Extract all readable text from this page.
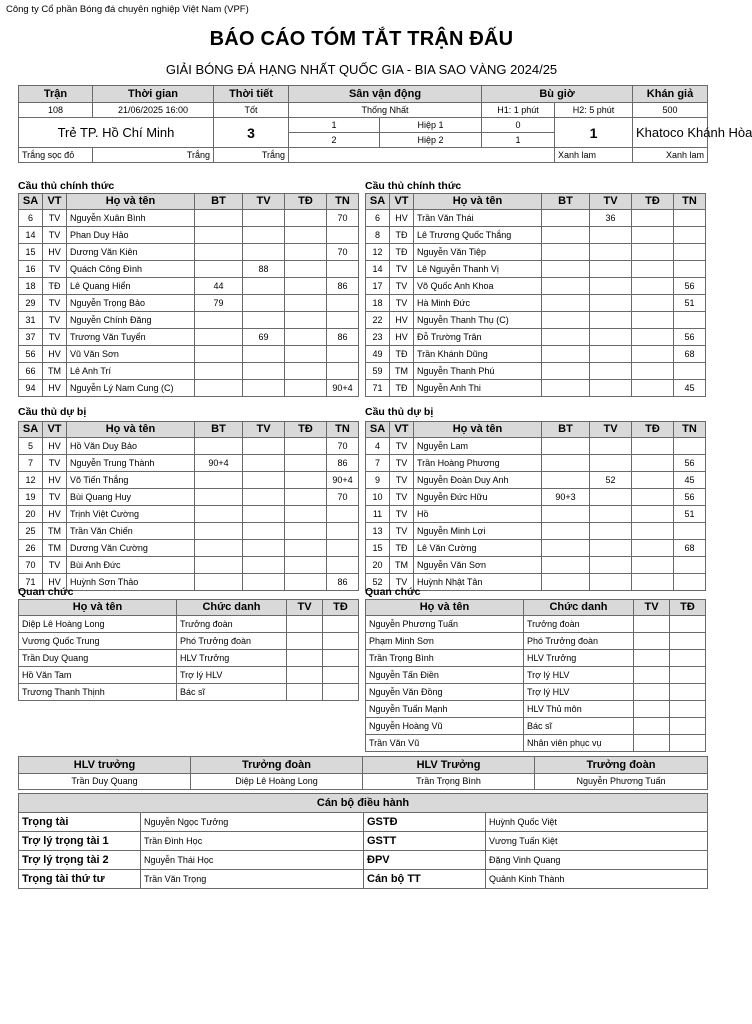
Công ty Cổ phần Bóng đá chuyên nghiệp Việt Nam (VPF)
BÁO CÁO TÓM TẮT TRẬN ĐẤU
GIẢI BÓNG ĐÁ HẠNG NHẤT QUỐC GIA - BIA SAO VÀNG 2024/25
Trận	Thời gian	Thời tiết	Sân vận động		Bù giờ		Khán giả	
108	21/06/2025 16:00	Tốt	Thống Nhất		H1: 1 phút	H2: 5 phút	500	
Trẻ TP. Hồ Chí Minh		3	1	Hiệp 1	0	1	Khatoco Khánh Hòa	
			2	Hiệp 2	1			
Trắng sọc đỏ	Trắng	Trắng				Xanh lam	Xanh lam	
Cầu thủ chính thức	Cầu thủ chính thức
SA	VT	Họ và tên	BT	TV	TĐ	TN
6	TV	Nguyễn Xuân Bình				70
14	TV	Phan Duy Hảo				
15	HV	Dương Văn Kiên				70
16	TV	Quách Công Đình		88		
18	TĐ	Lê Quang Hiển	44			86
29	TV	Nguyễn Trọng Bảo	79			
31	TV	Nguyễn Chính Đăng				
37	TV	Trương Văn Tuyển		69		86
56	HV	Vũ Văn Sơn				
66	TM	Lê Anh Trí				
94	HV	Nguyễn Lý Nam Cung (C)				90+4
SA	VT	Họ và tên	BT	TV	TĐ	TN
6	HV	Trần Văn Thái		36		
8	TĐ	Lê Trương Quốc Thắng				
12	TĐ	Nguyễn Văn Tiệp				
14	TV	Lê Nguyễn Thanh Vị				
17	TV	Võ Quốc Anh Khoa				56
18	TV	Hà Minh Đức				51
22	HV	Nguyễn Thanh Thụ (C)				
23	HV	Đỗ Trường Trân				56
49	TĐ	Trần Khánh Dũng				68
59	TM	Nguyễn Thanh Phú				
71	TĐ	Nguyễn Anh Thi				45
Cầu thủ dự bị	Cầu thủ dự bị
SA	VT	Họ và tên	BT	TV	TĐ	TN
5	HV	Hồ Văn Duy Bảo				70
7	TV	Nguyễn Trung Thành	90+4			86
12	HV	Võ Tiến Thắng				90+4
19	TV	Bùi Quang Huy				70
20	HV	Trịnh Việt Cường				
25	TM	Trần Văn Chiến				
26	TM	Dương Văn Cường				
70	TV	Bùi Anh Đức				
71	HV	Huỳnh Sơn Thảo				86
SA	VT	Họ và tên	BT	TV	TĐ	TN
4	TV	Nguyễn Lam				
7	TV	Trần Hoàng Phương				56
9	TV	Nguyễn Đoàn Duy Anh		52		45
10	TV	Nguyễn Đức Hữu	90+3			56
11	TV	Hồ				51
13	TV	Nguyễn Minh Lợi				
15	TĐ	Lê Văn Cường				68
20	TM	Nguyễn Văn Sơn				
52	TV	Huỳnh Nhật Tân				
Quan chức	Quan chức
Họ và tên	Chức danh	TV	TĐ
Diệp Lê Hoàng Long	Trưởng đoàn		
Vương Quốc Trung	Phó Trưởng đoàn		
Trần Duy Quang	HLV Trưởng		
Hồ Văn Tam	Trợ lý HLV		
Trương Thanh Thịnh	Bác sĩ		
Họ và tên	Chức danh	TV	TĐ
Nguyễn Phương Tuấn	Trưởng đoàn		
Phạm Minh Sơn	Phó Trưởng đoàn		
Trần Trọng Bình	HLV Trưởng		
Nguyễn Tấn Điền	Trợ lý HLV		
Nguyễn Văn Đồng	Trợ lý HLV		
Nguyễn Tuấn Mạnh	HLV Thủ môn		
Nguyễn Hoàng Vũ	Bác sĩ		
Trần Văn Vũ	Nhân viên phục vụ		
HLV trưởng	Trưởng đoàn	HLV Trưởng	Trưởng đoàn
Trần Duy Quang	Diệp Lê Hoàng Long	Trần Trọng Bình	Nguyễn Phương Tuấn
Cán bộ điều hành			
Trọng tài	Nguyễn Ngọc Tưởng	GSTĐ	Huỳnh Quốc Việt
Trợ lý trọng tài 1	Trần Đình Học	GSTT	Vương Tuấn Kiệt
Trợ lý trọng tài 2	Nguyễn Thái Học	ĐPV	Đặng Vinh Quang
Trọng tài thứ tư	Trần Văn Trọng	Cán bộ TT	Quảnh Kinh Thành
